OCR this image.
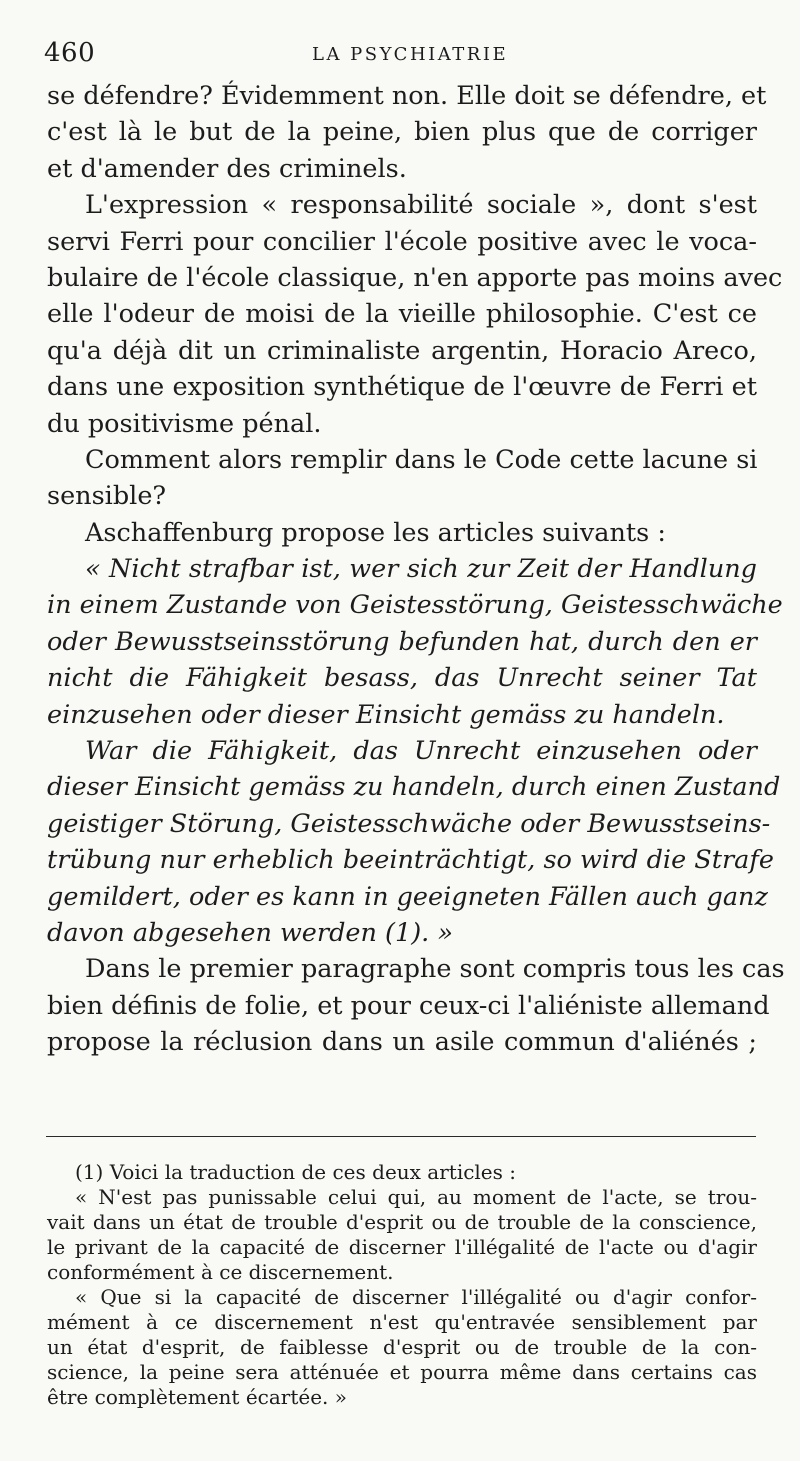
460	LA PSYCHIATRIE
se défendre? Évidemment non. Elle doit se défendre, et
c'est là le but de la peine, bien plus que de corriger
et d'amender des criminels.
L'expression « responsabilité sociale », dont s'est
servi Ferri pour concilier l'école positive avec le voca-
bulaire de l'école classique, n'en apporte pas moins avec
elle l'odeur de moisi de la vieille philosophie. C'est ce
qu'a déjà dit un criminaliste argentin, Horacio Areco,
dans une exposition synthétique de l'œuvre de Ferri et
du positivisme pénal.
Comment alors remplir dans le Code cette lacune si
sensible?
Aschaffenburg propose les articles suivants :
« Nicht strafbar ist, wer sich zur Zeit der Handlung
in einem Zustande von Geistesstörung, Geistesschwäche
oder Bewusstseinsstörung befunden hat, durch den er
nicht die Fähigkeit besass, das Unrecht seiner Tat
einzusehen oder dieser Einsicht gemäss zu handeln.
War die Fähigkeit, das Unrecht einzusehen oder
dieser Einsicht gemäss zu handeln, durch einen Zustand
geistiger Störung, Geistesschwäche oder Bewusstseins-
trübung nur erheblich beeinträchtigt, so wird die Strafe
gemildert, oder es kann in geeigneten Fällen auch ganz
davon abgesehen werden (1). »
Dans le premier paragraphe sont compris tous les cas
bien définis de folie, et pour ceux-ci l'aliéniste allemand
propose la réclusion dans un asile commun d'aliénés ;
(1) Voici la traduction de ces deux articles :
« N'est pas punissable celui qui, au moment de l'acte, se trou-
vait dans un état de trouble d'esprit ou de trouble de la conscience,
le privant de la capacité de discerner l'illégalité de l'acte ou d'agir
conformément à ce discernement.
« Que si la capacité de discerner l'illégalité ou d'agir confor-
mément à ce discernement n'est qu'entravée sensiblement par
un état d'esprit, de faiblesse d'esprit ou de trouble de la con-
science, la peine sera atténuée et pourra même dans certains cas
être complètement écartée. »
